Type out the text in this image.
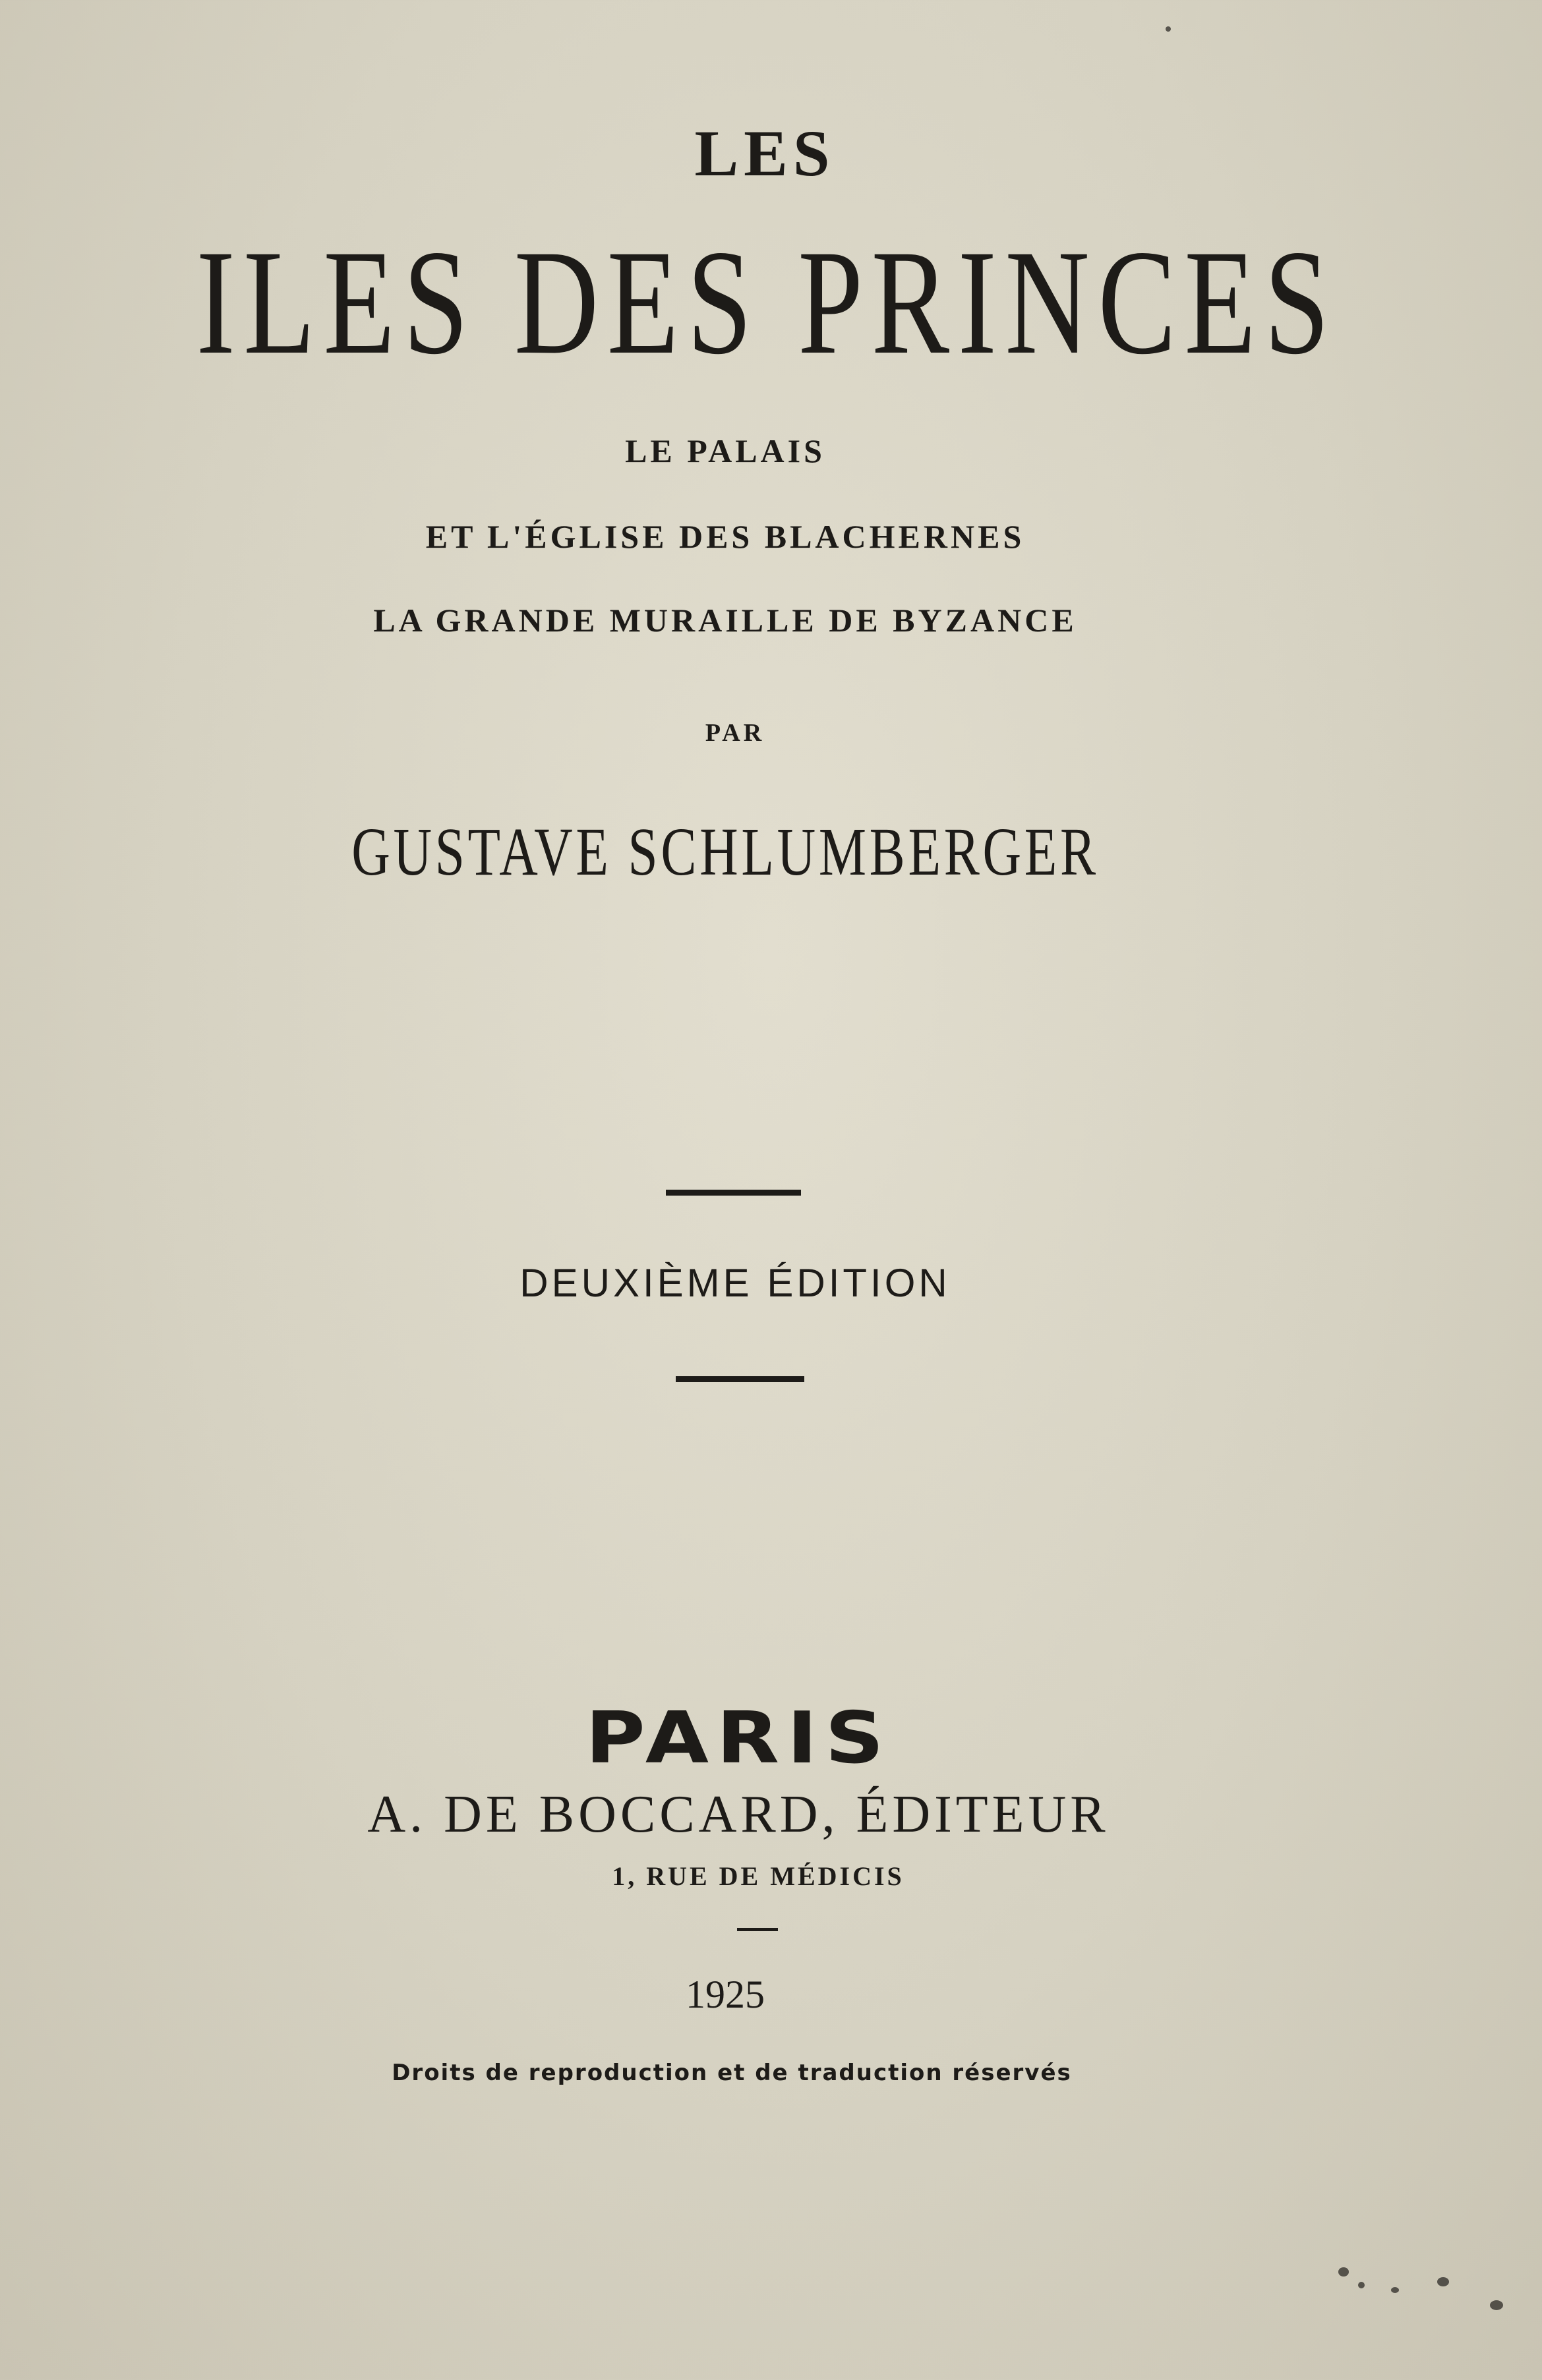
LES
ILES DES PRINCES
LE PALAIS
ET L'ÉGLISE DES BLACHERNES
LA GRANDE MURAILLE DE BYZANCE
PAR
GUSTAVE SCHLUMBERGER
DEUXIÈME ÉDITION
PARIS
A. DE BOCCARD, ÉDITEUR
1, RUE DE MÉDICIS
1925
Droits de reproduction et de traduction réservés
